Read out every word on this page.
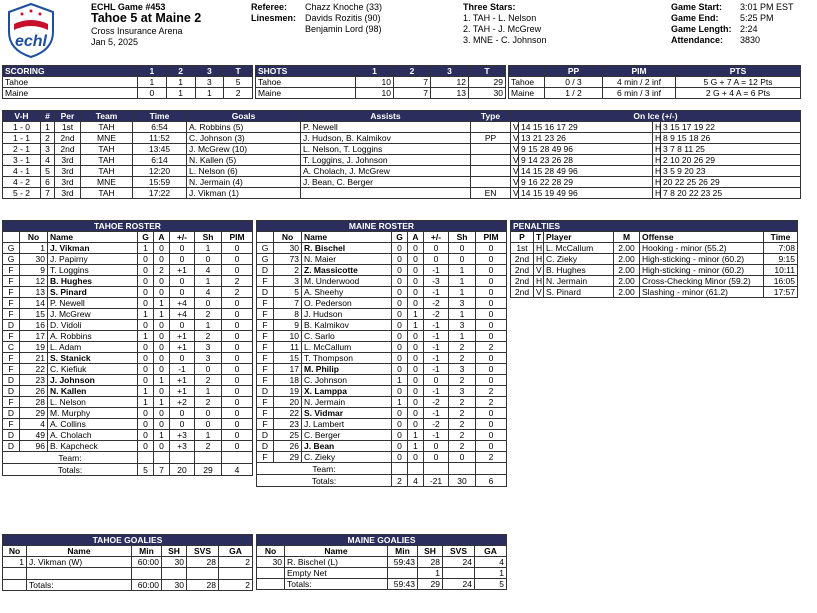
echl
ECHL Game #453
Tahoe 5 at Maine 2
Cross Insurance Arena
Jan 5, 2025
Referee: Chazz Knoche (33)
Linesmen: Davids Rozitis (90)
Benjamin Lord (98)
Three Stars:
1. TAH - L. Nelson
2. TAH - J. McGrew
3. MNE - C. Johnson
Game Start: 3:01 PM EST
Game End: 5:25 PM
Game Length: 2:24
Attendance: 3830
SCORING	1	2	3	T
Tahoe	1	1	3	5
Maine	0	1	1	2
SHOTS	1	2	3	T
Tahoe	10	7	12	29
Maine	10	7	13	30
	PP	PIM	PTS
Tahoe	0 / 3	4 min / 2 inf	5 G + 7 A = 12 Pts
Maine	1 / 2	6 min / 3 inf	2 G + 4 A = 6 Pts
V-H	#	Per	Team	Time	Goals	Assists	Type	On Ice (+/-)			
1 - 0	1	1st	TAH	6:54	A. Robbins (5)	P. Newell		V	14 15 16 17 29	H	3 15 17 19 22
1 - 1	2	2nd	MNE	11:52	C. Johnson (3)	J. Hudson, B. Kalmikov	PP	V	13 21 23 26	H	8 9 15 18 26
2 - 1	3	2nd	TAH	13:45	J. McGrew (10)	L. Nelson, T. Loggins		V	9 15 28 49 96	H	3 7 8 11 25
3 - 1	4	3rd	TAH	6:14	N. Kallen (5)	T. Loggins, J. Johnson		V	9 14 23 26 28	H	2 10 20 26 29
4 - 1	5	3rd	TAH	12:20	L. Nelson (6)	A. Cholach, J. McGrew		V	14 15 28 49 96	H	3 5 9 20 23
4 - 2	6	3rd	MNE	15:59	N. Jermain (4)	J. Bean, C. Berger		V	9 16 22 28 29	H	20 22 25 26 29
5 - 2	7	3rd	TAH	17:22	J. Vikman (1)		EN	V	14 15 19 49 96	H	7 8 20 22 23 25
TAHOE ROSTER							
	No	Name	G	A	+/-	Sh	PIM
G	1	J. Vikman	1	0	0	1	0
G	30	J. Papirny	0	0	0	0	0
F	9	T. Loggins	0	2	+1	4	0
F	12	B. Hughes	0	0	0	1	2
F	13	S. Pinard	0	0	0	4	2
F	14	P. Newell	0	1	+4	0	0
F	15	J. McGrew	1	1	+4	2	0
D	16	D. Vidoli	0	0	0	1	0
F	17	A. Robbins	1	0	+1	2	0
C	19	L. Adam	0	0	+1	3	0
F	21	S. Stanick	0	0	0	3	0
F	22	C. Kiefiuk	0	0	-1	0	0
D	23	J. Johnson	0	1	+1	2	0
D	26	N. Kallen	1	0	+1	1	0
F	28	L. Nelson	1	1	+2	2	0
D	29	M. Murphy	0	0	0	0	0
F	4	A. Collins	0	0	0	0	0
D	49	A. Cholach	0	1	+3	1	0
D	96	B. Kapcheck	0	0	+3	2	0
Team:							
Totals:			5	7	20	29	4
MAINE ROSTER							
	No	Name	G	A	+/-	Sh	PIM
G	30	R. Bischel	0	0	0	0	0
G	73	N. Maier	0	0	0	0	0
D	2	Z. Massicotte	0	0	-1	1	0
F	3	M. Underwood	0	0	-3	1	0
D	5	A. Sheehy	0	0	-1	1	0
F	7	O. Pederson	0	0	-2	3	0
F	8	J. Hudson	0	1	-2	1	0
F	9	B. Kalmikov	0	1	-1	3	0
F	10	C. Sarlo	0	0	-1	1	0
F	11	L. McCallum	0	0	-1	2	2
F	15	T. Thompson	0	0	-1	2	0
F	17	M. Philip	0	0	-1	3	0
F	18	C. Johnson	1	0	0	2	0
D	19	X. Lamppa	0	0	-1	3	2
F	20	N. Jermain	1	0	-2	2	2
F	22	S. Vidmar	0	0	-1	2	0
F	23	J. Lambert	0	0	-2	2	0
D	25	C. Berger	0	1	-1	2	0
D	26	J. Bean	0	1	0	2	0
F	29	C. Zieky	0	0	0	0	2
Team:							
Totals:			2	4	-21	30	6
PENALTIES					
P	T	Player	M	Offense	Time
1st	H	L. McCallum	2.00	Hooking - minor (55.2)	7:08
2nd	H	C. Zieky	2.00	High-sticking - minor (60.2)	9:15
2nd	V	B. Hughes	2.00	High-sticking - minor (60.2)	10:11
2nd	H	N. Jermain	2.00	Cross-Checking Minor (59.2)	16:05
2nd	V	S. Pinard	2.00	Slashing - minor (61.2)	17:57
TAHOE GOALIES					
No	Name	Min	SH	SVS	GA
1	J. Vikman (W)	60:00	30	28	2

	Totals:	60:00	30	28	2
MAINE GOALIES					
No	Name	Min	SH	SVS	GA
30	R. Bischel (L)	59:43	28	24	4
	Empty Net		1		1
	Totals:	59:43	29	24	5
